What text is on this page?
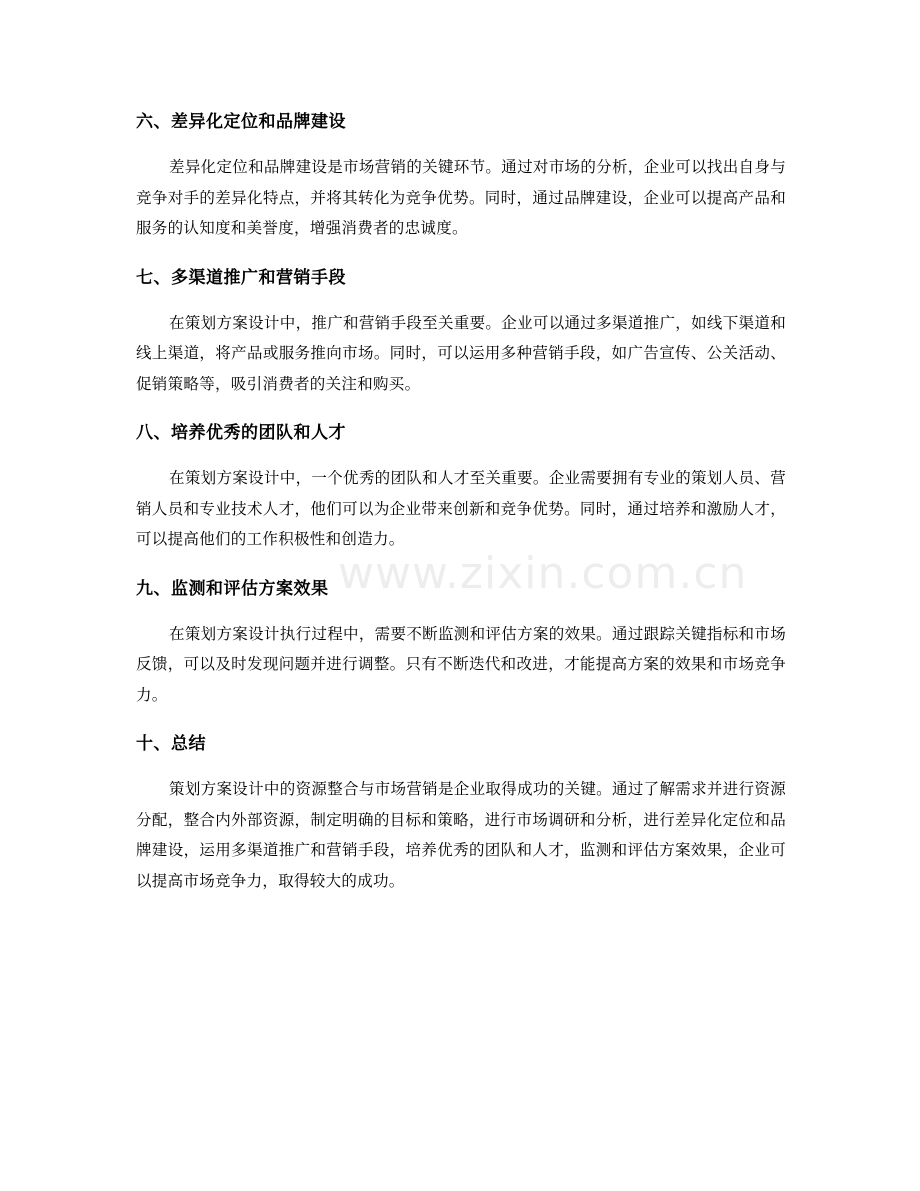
六、差异化定位和品牌建设

差异化定位和品牌建设是市场营销的关键环节。通过对市场的分析，企业可以找出自身与竞争对手的差异化特点，并将其转化为竞争优势。同时，通过品牌建设，企业可以提高产品和服务的认知度和美誉度，增强消费者的忠诚度。

七、多渠道推广和营销手段

在策划方案设计中，推广和营销手段至关重要。企业可以通过多渠道推广，如线下渠道和线上渠道，将产品或服务推向市场。同时，可以运用多种营销手段，如广告宣传、公关活动、促销策略等，吸引消费者的关注和购买。

八、培养优秀的团队和人才

在策划方案设计中，一个优秀的团队和人才至关重要。企业需要拥有专业的策划人员、营销人员和专业技术人才，他们可以为企业带来创新和竞争优势。同时，通过培养和激励人才，可以提高他们的工作积极性和创造力。

九、监测和评估方案效果

在策划方案设计执行过程中，需要不断监测和评估方案的效果。通过跟踪关键指标和市场反馈，可以及时发现问题并进行调整。只有不断迭代和改进，才能提高方案的效果和市场竞争力。

十、总结

策划方案设计中的资源整合与市场营销是企业取得成功的关键。通过了解需求并进行资源分配，整合内外部资源，制定明确的目标和策略，进行市场调研和分析，进行差异化定位和品牌建设，运用多渠道推广和营销手段，培养优秀的团队和人才，监测和评估方案效果，企业可以提高市场竞争力，取得较大的成功。

www.zixin.com.cn
